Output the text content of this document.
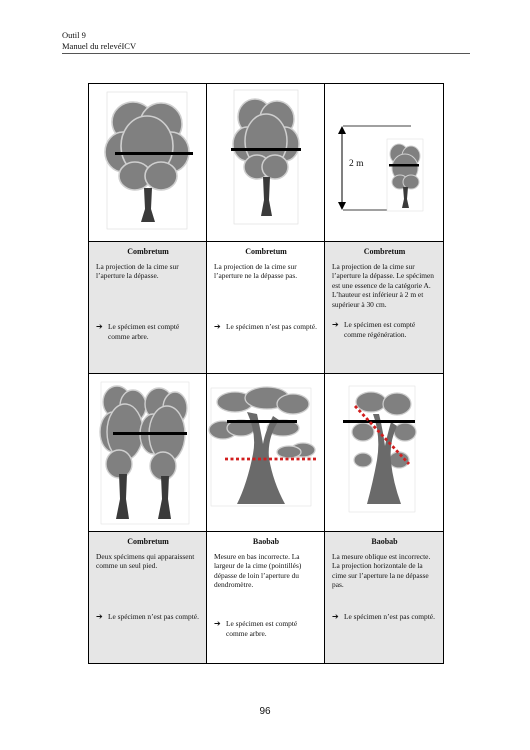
Outil 9
Manuel du relevéICV
2 m
Combretum

La projection de la cime sur l’aperture la dépasse.

➔ Le spécimen est compté comme arbre.

Combretum

La projection de la cime sur l’aperture ne la dépasse pas.

➔ Le spécimen n’est pas compté.

Combretum

La projection de la cime sur l’aperture la dépasse. Le spécimen est une essence de la catégorie A. L’hauteur est inférieur à 2 m et supérieur à 30 cm.

➔ Le spécimen est compté comme régénération.

Combretum

Deux spécimens qui apparaissent comme un seul pied.

➔ Le spécimen n’est pas compté.

Baobab

Mesure en bas incorrecte. La largeur de la cime (pointillés) dépasse de loin l’aperture du dendromètre.

➔ Le spécimen est compté comme arbre.

Baobab

La mesure oblique est incorrecte. La projection horizontale de la cime sur l’aperture la ne dépasse pas.

➔ Le spécimen n’est pas compté.

96
